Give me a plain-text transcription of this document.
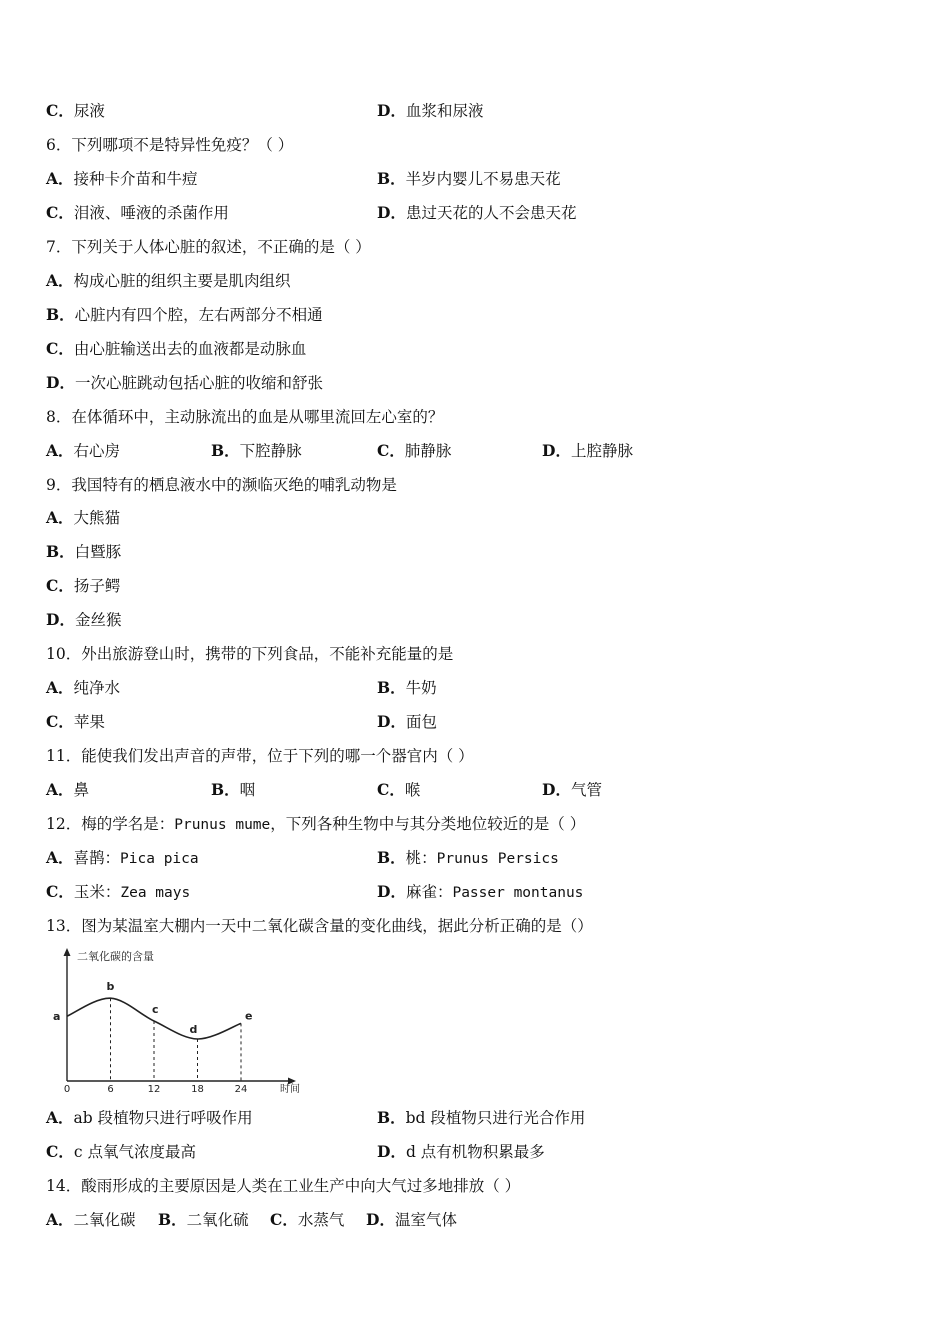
C．尿液	D．血浆和尿液
6．下列哪项不是特异性免疫？（ ）
A．接种卡介苗和牛痘	B．半岁内婴儿不易患天花
C．泪液、唾液的杀菌作用	D．患过天花的人不会患天花
7．下列关于人体心脏的叙述，不正确的是（ ）
A．构成心脏的组织主要是肌肉组织
B．心脏内有四个腔，左右两部分不相通
C．由心脏输送出去的血液都是动脉血
D．一次心脏跳动包括心脏的收缩和舒张
8．在体循环中，主动脉流出的血是从哪里流回左心室的？
A．右心房	B．下腔静脉	C．肺静脉	D．上腔静脉
9．我国特有的栖息液水中的濒临灭绝的哺乳动物是
A．大熊猫
B．白暨豚
C．扬子鳄
D．金丝猴
10．外出旅游登山时，携带的下列食品，不能补充能量的是
A．纯净水	B．牛奶
C．苹果	D．面包
11．能使我们发出声音的声带，位于下列的哪一个器官内（ ）
A．鼻	B．咽	C．喉	D．气管
12．梅的学名是：Prunus mume，下列各种生物中与其分类地位较近的是（ ）
A．喜鹊：Pica pica	B．桃：Prunus Persics
C．玉米：Zea mays	D．麻雀：Passer montanus
13．图为某温室大棚内一天中二氧化碳含量的变化曲线，据此分析正确的是（）
二氧化碳的含量
时间
0	6	12	18	24
a
b
c
d
e
A．ab 段植物只进行呼吸作用	B．bd 段植物只进行光合作用
C．c 点氧气浓度最高	D．d 点有机物积累最多
14．酸雨形成的主要原因是人类在工业生产中向大气过多地排放（ ）
A．二氧化碳 B．二氧化硫 C．水蒸气 D．温室气体
